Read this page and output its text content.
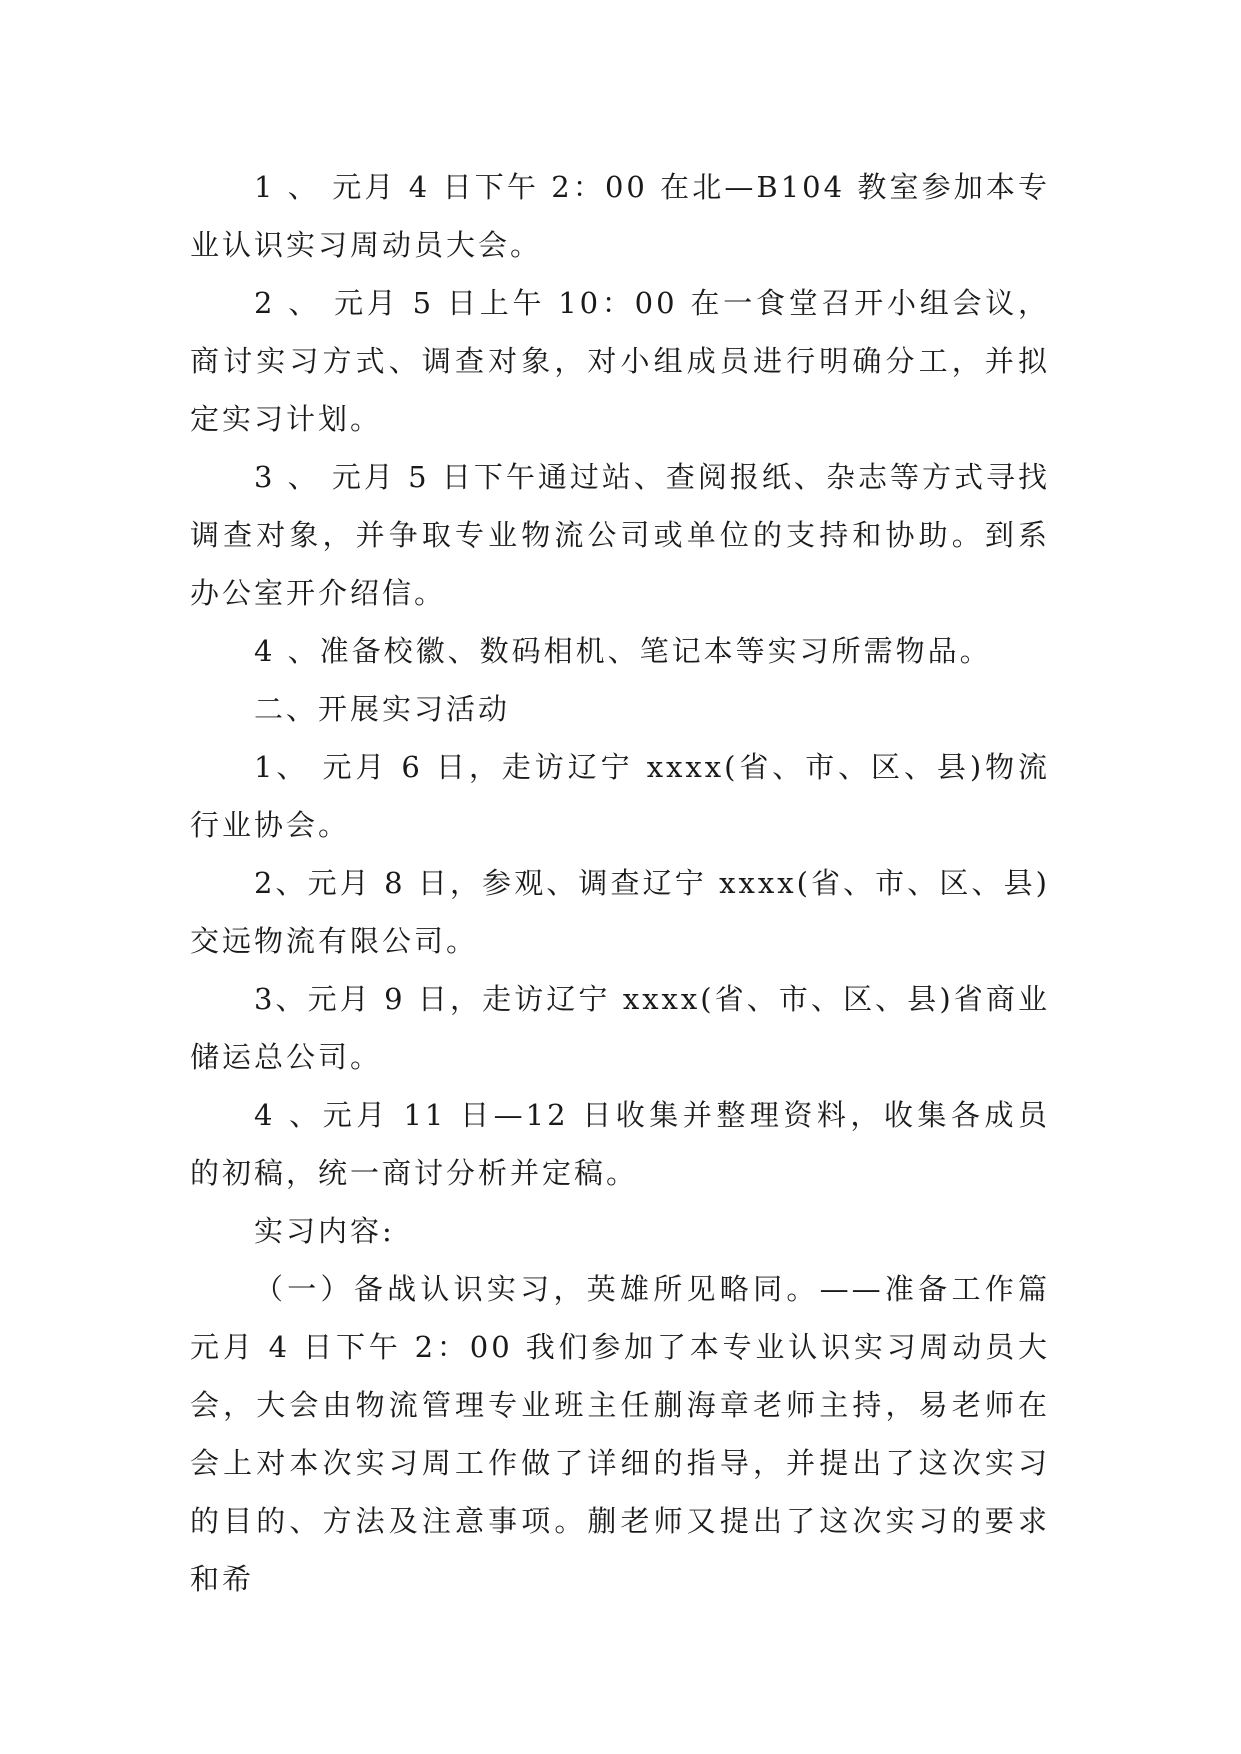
1 、 元月 4 日下午 2：00 在北—B104 教室参加本专业认识实习周动员大会。

2 、 元月 5 日上午 10：00 在一食堂召开小组会议，商讨实习方式、调查对象，对小组成员进行明确分工，并拟定实习计划。

3 、 元月 5 日下午通过站、查阅报纸、杂志等方式寻找调查对象，并争取专业物流公司或单位的支持和协助。到系办公室开介绍信。

4 、准备校徽、数码相机、笔记本等实习所需物品。

二、开展实习活动

1、 元月 6 日，走访辽宁 xxxx(省、市、区、县)物流行业协会。

2、元月 8 日，参观、调查辽宁 xxxx(省、市、区、县)交远物流有限公司。

3、元月 9 日，走访辽宁 xxxx(省、市、区、县)省商业储运总公司。

4 、元月 11 日—12 日收集并整理资料，收集各成员的初稿，统一商讨分析并定稿。

实习内容:

（一）备战认识实习，英雄所见略同。——准备工作篇元月 4 日下午 2：00 我们参加了本专业认识实习周动员大会，大会由物流管理专业班主任蒯海章老师主持，易老师在会上对本次实习周工作做了详细的指导，并提出了这次实习的目的、方法及注意事项。蒯老师又提出了这次实习的要求和希
